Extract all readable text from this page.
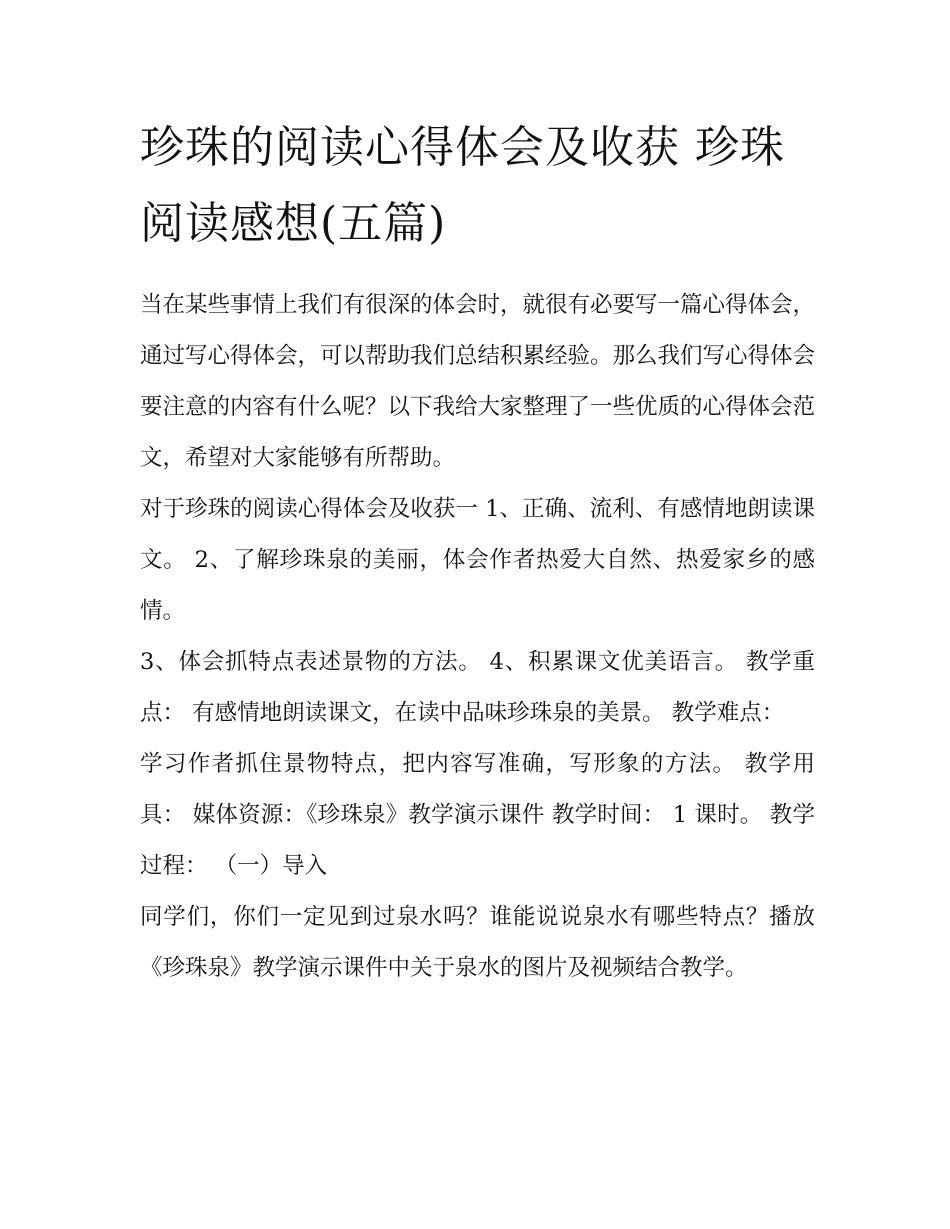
珍珠的阅读心得体会及收获 珍珠阅读感想(五篇)

当在某些事情上我们有很深的体会时，就很有必要写一篇心得体会，通过写心得体会，可以帮助我们总结积累经验。那么我们写心得体会要注意的内容有什么呢？以下我给大家整理了一些优质的心得体会范文，希望对大家能够有所帮助。

对于珍珠的阅读心得体会及收获一 1、正确、流利、有感情地朗读课文。 2、了解珍珠泉的美丽，体会作者热爱大自然、热爱家乡的感情。

3、体会抓特点表述景物的方法。 4、积累课文优美语言。 教学重点： 有感情地朗读课文，在读中品味珍珠泉的美景。 教学难点：

学习作者抓住景物特点，把内容写准确，写形象的方法。 教学用具： 媒体资源：《珍珠泉》教学演示课件 教学时间： 1 课时。 教学过程： （一）导入

同学们，你们一定见到过泉水吗？谁能说说泉水有哪些特点？播放《珍珠泉》教学演示课件中关于泉水的图片及视频结合教学。
